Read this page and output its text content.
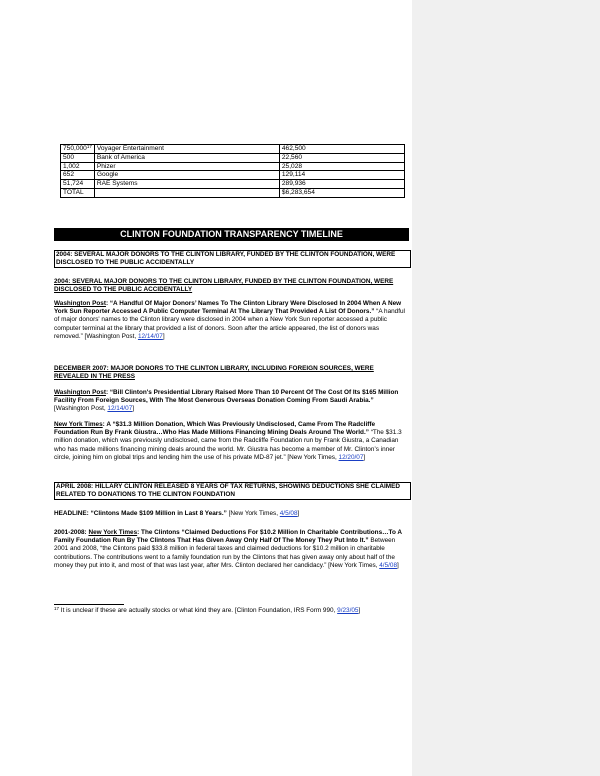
750,000$^{17}$	Voyager Entertainment	462,500
500	Bank of America	22,560
1,002	Phizer	25,028
652	Google	129,114
51,724	RAE Systems	289,936
TOTAL		$6,283,654
CLINTON FOUNDATION TRANSPARENCY TIMELINE
2004: SEVERAL MAJOR DONORS TO THE CLINTON LIBRARY, FUNDED BY THE CLINTON FOUNDATION, WERE DISCLOSED TO THE PUBLIC ACCIDENTALLY
2004: SEVERAL MAJOR DONORS TO THE CLINTON LIBRARY, FUNDED BY THE CLINTON FOUNDATION, WERE DISCLOSED TO THE PUBLIC ACCIDENTALLY
Washington Post: “A Handful Of Major Donors’ Names To The Clinton Library Were Disclosed In 2004 When A New York Sun Reporter Accessed A Public Computer Terminal At The Library That Provided A List Of Donors.” “A handful of major donors' names to the Clinton library were disclosed in 2004 when a New York Sun reporter accessed a public computer terminal at the library that provided a list of donors. Soon after the article appeared, the list of donors was removed.” [Washington Post, 12/14/07]
DECEMBER 2007: MAJOR DONORS TO THE CLINTON LIBRARY, INCLUDING FOREIGN SOURCES, WERE REVEALED IN THE PRESS
Washington Post: “Bill Clinton's Presidential Library Raised More Than 10 Percent Of The Cost Of Its $165 Million Facility From Foreign Sources, With The Most Generous Overseas Donation Coming From Saudi Arabia.” [Washington Post, 12/14/07]
New York Times: A “$31.3 Million Donation, Which Was Previously Undisclosed, Came From The Radcliffe Foundation Run By Frank Giustra…Who Has Made Millions Financing Mining Deals Around The World.” “The $31.3 million donation, which was previously undisclosed, came from the Radcliffe Foundation run by Frank Giustra, a Canadian who has made millions financing mining deals around the world. Mr. Giustra has become a member of Mr. Clinton’s inner circle, joining him on global trips and lending him the use of his private MD-87 jet.” [New York Times, 12/20/07]
APRIL 2008: HILLARY CLINTON RELEASED 8 YEARS OF TAX RETURNS, SHOWING DEDUCTIONS SHE CLAIMED RELATED TO DONATIONS TO THE CLINTON FOUNDATION
HEADLINE: “Clintons Made $109 Million in Last 8 Years.” [New York Times, 4/5/08]
2001-2008: New York Times: The Clintons “Claimed Deductions For $10.2 Million In Charitable Contributions…To A Family Foundation Run By The Clintons That Has Given Away Only Half Of The Money They Put Into It.” Between 2001 and 2008, “the Clintons paid $33.8 million in federal taxes and claimed deductions for $10.2 million in charitable contributions. The contributions went to a family foundation run by the Clintons that has given away only about half of the money they put into it, and most of that was last year, after Mrs. Clinton declared her candidacy.” [New York Times, 4/5/08]
$^{17}$ It is unclear if these are actually stocks or what kind they are. [Clinton Foundation, IRS Form 990, 9/23/05]
